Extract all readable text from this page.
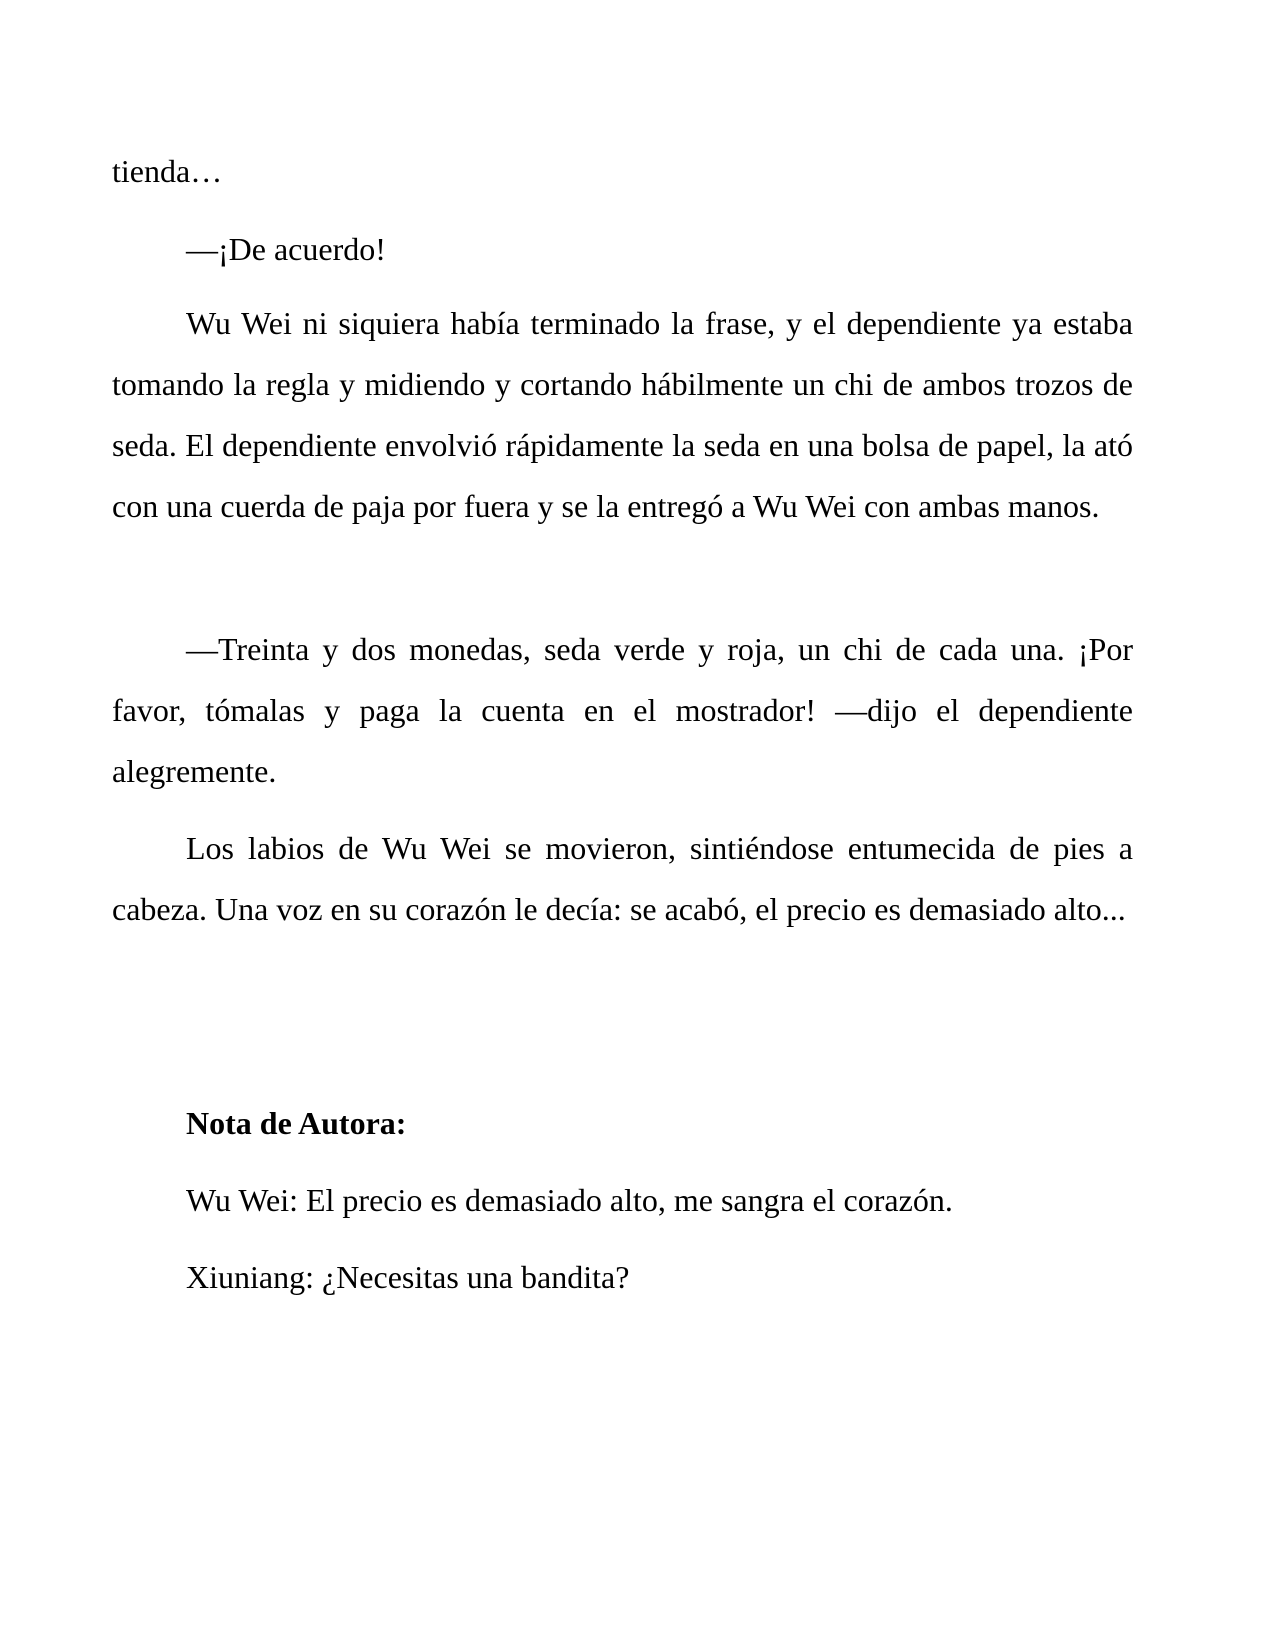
tienda…

—¡De acuerdo!

Wu Wei ni siquiera había terminado la frase, y el dependiente ya estaba tomando la regla y midiendo y cortando hábilmente un chi de ambos trozos de seda. El dependiente envolvió rápidamente la seda en una bolsa de papel, la ató con una cuerda de paja por fuera y se la entregó a Wu Wei con ambas manos.

—Treinta y dos monedas, seda verde y roja, un chi de cada una. ¡Por favor, tómalas y paga la cuenta en el mostrador! —dijo el dependiente alegremente.

Los labios de Wu Wei se movieron, sintiéndose entumecida de pies a cabeza. Una voz en su corazón le decía: se acabó, el precio es demasiado alto...

Nota de Autora:

Wu Wei: El precio es demasiado alto, me sangra el corazón.

Xiuniang: ¿Necesitas una bandita?
